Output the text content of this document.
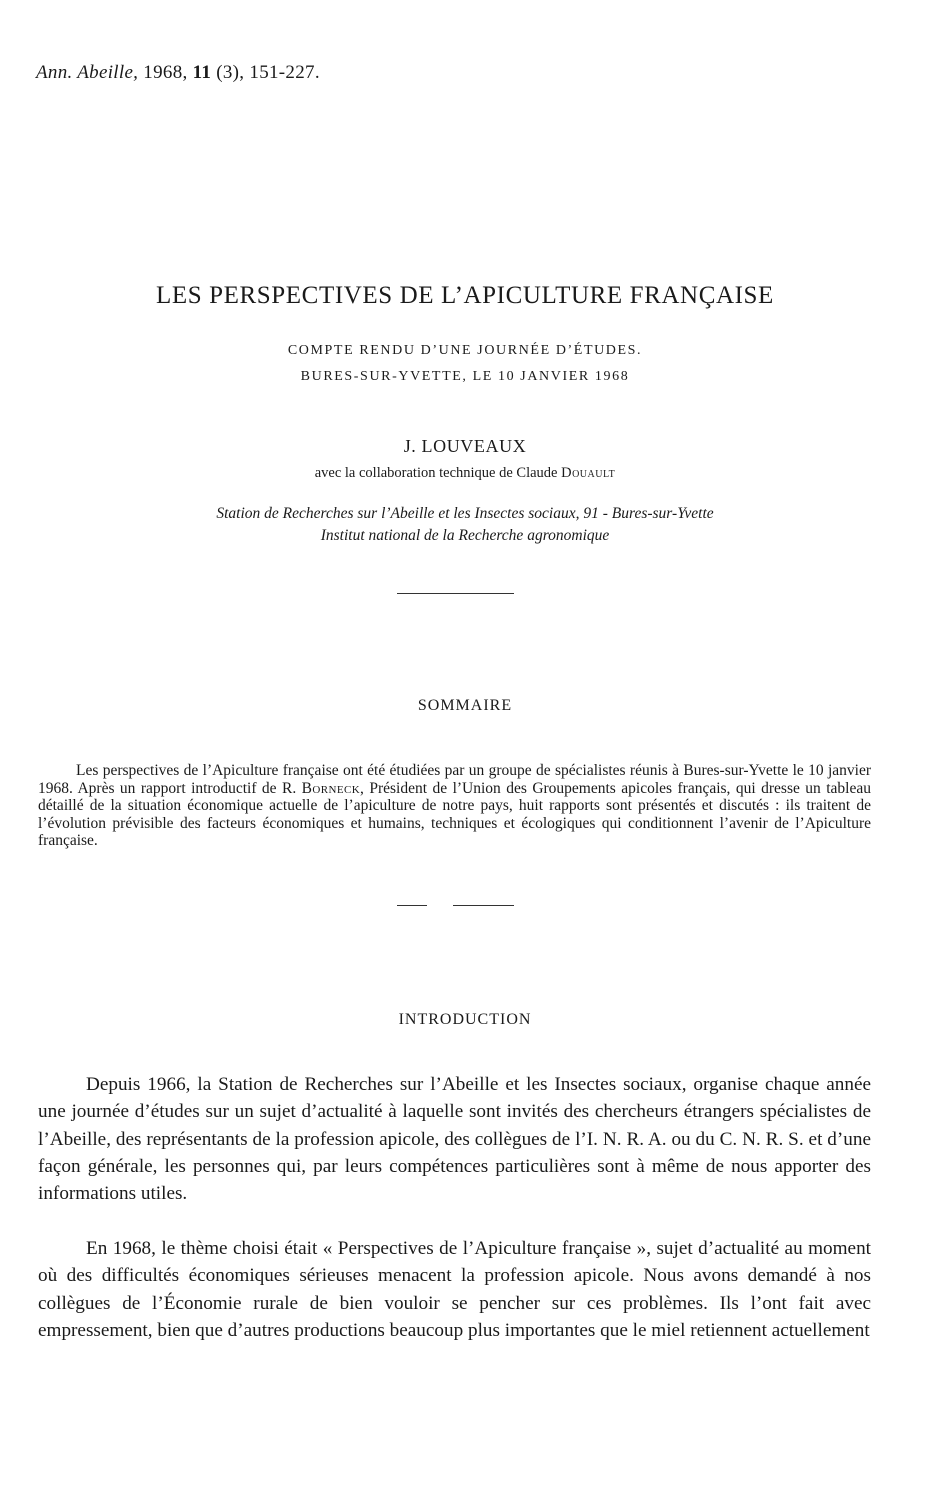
Ann. Abeille, 1968, 11 (3), 151-227.
LES PERSPECTIVES DE L’APICULTURE FRANÇAISE
COMPTE RENDU D’UNE JOURNÉE D’ÉTUDES.
BURES-SUR-YVETTE, LE 10 JANVIER 1968
J. LOUVEAUX
avec la collaboration technique de Claude Douault
Station de Recherches sur l’Abeille et les Insectes sociaux, 91 - Bures-sur-Yvette
Institut national de la Recherche agronomique
SOMMAIRE

Les perspectives de l’Apiculture française ont été étudiées par un groupe de spécialistes réunis à Bures-sur-Yvette le 10 janvier 1968. Après un rapport introductif de R. Borneck, Président de l’Union des Groupements apicoles français, qui dresse un tableau détaillé de la situation économique actuelle de l’apiculture de notre pays, huit rapports sont présentés et discutés : ils traitent de l’évolution prévisible des facteurs économiques et humains, techniques et écologiques qui conditionnent l’avenir de l’Apiculture française.

INTRODUCTION

Depuis 1966, la Station de Recherches sur l’Abeille et les Insectes sociaux, organise chaque année une journée d’études sur un sujet d’actualité à laquelle sont invités des chercheurs étrangers spécialistes de l’Abeille, des représentants de la profession apicole, des collègues de l’I. N. R. A. ou du C. N. R. S. et d’une façon générale, les personnes qui, par leurs compétences particulières sont à même de nous apporter des informations utiles.

En 1968, le thème choisi était « Perspectives de l’Apiculture française », sujet d’actualité au moment où des difficultés économiques sérieuses menacent la profession apicole. Nous avons demandé à nos collègues de l’Économie rurale de bien vouloir se pencher sur ces problèmes. Ils l’ont fait avec empressement, bien que d’autres productions beaucoup plus importantes que le miel retiennent actuellement
